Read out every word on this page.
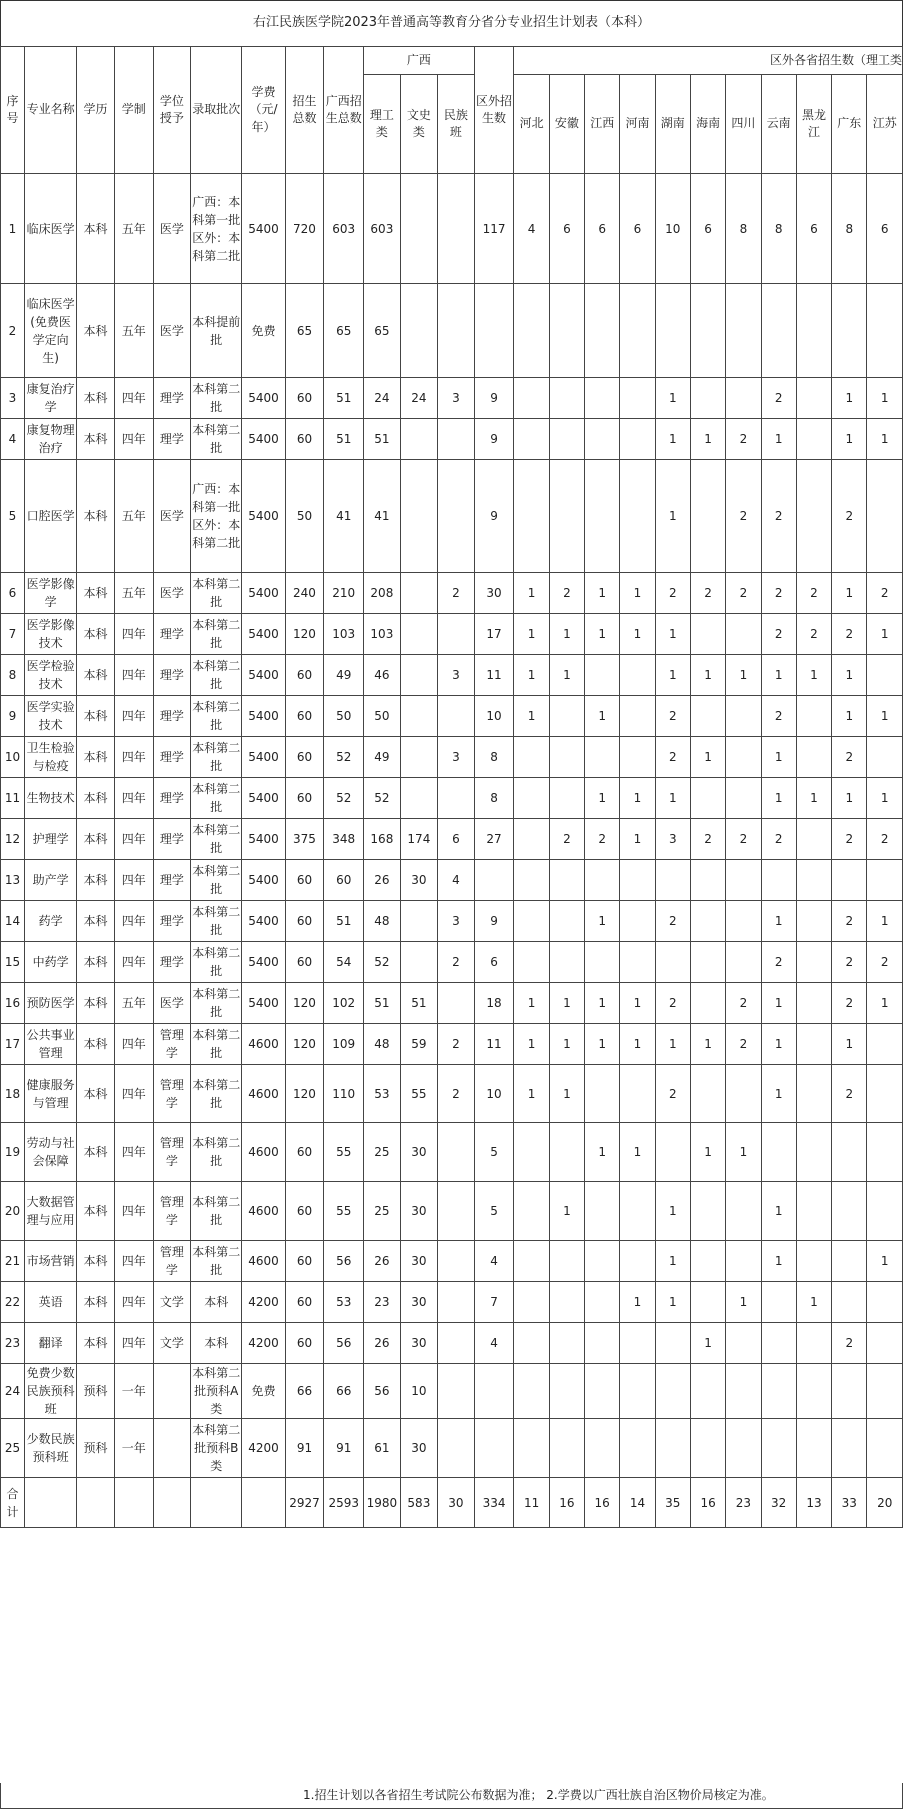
右江民族医学院2023年普通高等教育分省分专业招生计划表（本科）
序号	专业名称	学历	学制	学位授予	录取批次	学费（元/年）	招生总数	广西招生总数	广西			区外招生数	区外各省招生数（理工类										
									理工类	文史类	民族班		河北	安徽	江西	河南	湖南	海南	四川	云南	黑龙江	广东	江苏
1	临床医学	本科	五年	医学	广西：本科第一批区外：本科第二批	5400	720	603	603			117	4	6	6	6	10	6	8	8	6	8	6
2	临床医学(免费医学定向生)	本科	五年	医学	本科提前批	免费	65	65	65														
3	康复治疗学	本科	四年	理学	本科第二批	5400	60	51	24	24	3	9					1			2		1	1
4	康复物理治疗	本科	四年	理学	本科第二批	5400	60	51	51			9					1	1	2	1		1	1
5	口腔医学	本科	五年	医学	广西：本科第一批区外：本科第二批	5400	50	41	41			9					1		2	2		2	
6	医学影像学	本科	五年	医学	本科第二批	5400	240	210	208		2	30	1	2	1	1	2	2	2	2	2	1	2
7	医学影像技术	本科	四年	理学	本科第二批	5400	120	103	103			17	1	1	1	1	1			2	2	2	1
8	医学检验技术	本科	四年	理学	本科第二批	5400	60	49	46		3	11	1	1			1	1	1	1	1	1	
9	医学实验技术	本科	四年	理学	本科第二批	5400	60	50	50			10	1		1		2			2		1	1
10	卫生检验与检疫	本科	四年	理学	本科第二批	5400	60	52	49		3	8					2	1		1		2	
11	生物技术	本科	四年	理学	本科第二批	5400	60	52	52			8			1	1	1			1	1	1	1
12	护理学	本科	四年	理学	本科第二批	5400	375	348	168	174	6	27		2	2	1	3	2	2	2		2	2
13	助产学	本科	四年	理学	本科第二批	5400	60	60	26	30	4												
14	药学	本科	四年	理学	本科第二批	5400	60	51	48		3	9			1		2			1		2	1
15	中药学	本科	四年	理学	本科第二批	5400	60	54	52		2	6								2		2	2
16	预防医学	本科	五年	医学	本科第二批	5400	120	102	51	51		18	1	1	1	1	2		2	1		2	1
17	公共事业管理	本科	四年	管理学	本科第二批	4600	120	109	48	59	2	11	1	1	1	1	1	1	2	1		1	
18	健康服务与管理	本科	四年	管理学	本科第二批	4600	120	110	53	55	2	10	1	1			2			1		2	
19	劳动与社会保障	本科	四年	管理学	本科第二批	4600	60	55	25	30		5			1	1		1	1				
20	大数据管理与应用	本科	四年	管理学	本科第二批	4600	60	55	25	30		5		1			1			1			
21	市场营销	本科	四年	管理学	本科第二批	4600	60	56	26	30		4					1			1			1
22	英语	本科	四年	文学	本科	4200	60	53	23	30		7				1	1		1		1		
23	翻译	本科	四年	文学	本科	4200	60	56	26	30		4						1				2	
24	免费少数民族预科班	预科	一年		本科第二批预科A类	免费	66	66	56	10													
25	少数民族预科班	预科	一年		本科第二批预科B类	4200	91	91	61	30													
合计							2927	2593	1980	583	30	334	11	16	16	14	35	16	23	32	13	33	20
1.招生计划以各省招生考试院公布数据为准； 2.学费以广西壮族自治区物价局核定为准。
